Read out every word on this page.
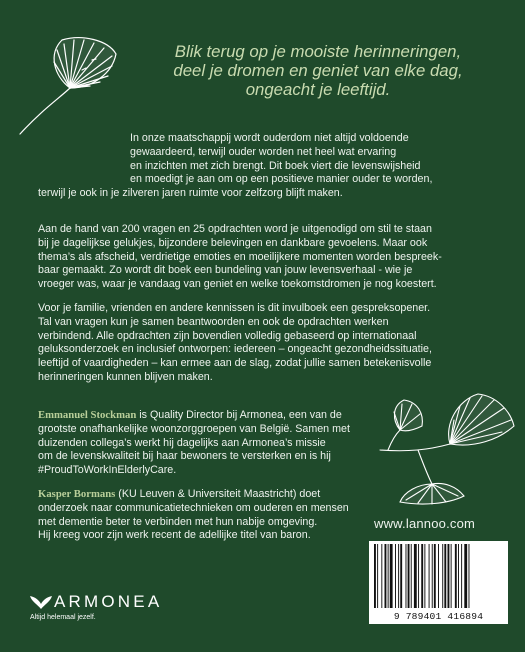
Blik terug op je mooiste herinneringen,
deel je dromen en geniet van elke dag,
ongeacht je leeftijd.
In onze maatschappij wordt ouderdom niet altijd voldoende
gewaardeerd, terwijl ouder worden net heel wat ervaring
en inzichten met zich brengt. Dit boek viert die levenswijsheid
en moedigt je aan om op een positieve manier ouder te worden,
terwijl je ook in je zilveren jaren ruimte voor zelfzorg blijft maken.
Aan de hand van 200 vragen en 25 opdrachten word je uitgenodigd om stil te staan
bij je dagelijkse gelukjes, bijzondere belevingen en dankbare gevoelens. Maar ook
thema’s als afscheid, verdrietige emoties en moeilijkere momenten worden bespreek-
baar gemaakt. Zo wordt dit boek een bundeling van jouw levensverhaal - wie je
vroeger was, waar je vandaag van geniet en welke toekomstdromen je nog koestert.
Voor je familie, vrienden en andere kennissen is dit invulboek een gespreksopener.
Tal van vragen kun je samen beantwoorden en ook de opdrachten werken
verbindend. Alle opdrachten zijn bovendien volledig gebaseerd op internationaal
geluksonderzoek en inclusief ontworpen: iedereen – ongeacht gezondheidssituatie,
leeftijd of vaardigheden – kan ermee aan de slag, zodat jullie samen betekenisvolle
herinneringen kunnen blijven maken.
Emmanuel Stockman is Quality Director bij Armonea, een van de
grootste onafhankelijke woonzorggroepen van België. Samen met
duizenden collega’s werkt hij dagelijks aan Armonea’s missie
om de levenskwaliteit bij haar bewoners te versterken en is hij
#ProudToWorkInElderlyCare.
Kasper Bormans (KU Leuven & Universiteit Maastricht) doet
onderzoek naar communicatietechnieken om ouderen en mensen
met dementie beter te verbinden met hun nabije omgeving.
Hij kreeg voor zijn werk recent de adellijke titel van baron.
www.lannoo.com
9 789401 416894
ARMONEA
Altijd helemaal jezelf.
